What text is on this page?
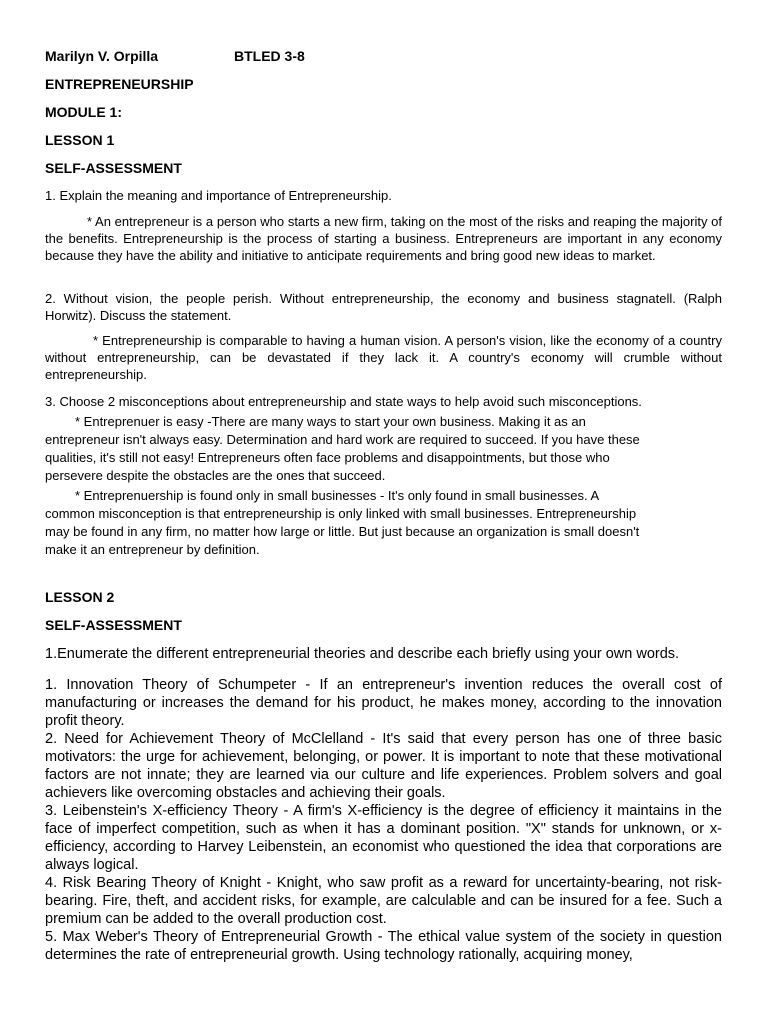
Marilyn V. Orpilla	BTLED 3-8
ENTREPRENEURSHIP
MODULE 1:
LESSON 1
SELF-ASSESSMENT
1. Explain the meaning and importance of Entrepreneurship.

* An entrepreneur is a person who starts a new firm, taking on the most of the risks and reaping the majority of the benefits. Entrepreneurship is the process of starting a business. Entrepreneurs are important in any economy because they have the ability and initiative to anticipate requirements and bring good new ideas to market.

2. Without vision, the people perish. Without entrepreneurship, the economy and business stagnatell. (Ralph Horwitz). Discuss the statement.

* Entrepreneurship is comparable to having a human vision. A person's vision, like the economy of a country without entrepreneurship, can be devastated if they lack it. A country's economy will crumble without entrepreneurship.

3. Choose 2 misconceptions about entrepreneurship and state ways to help avoid such misconceptions.
* Entreprenuer is easy -There are many ways to start your own business. Making it as an
entrepreneur isn't always easy. Determination and hard work are required to succeed. If you have these
qualities, it's still not easy! Entrepreneurs often face problems and disappointments, but those who
persevere despite the obstacles are the ones that succeed.
* Entreprenuership is found only in small businesses - It's only found in small businesses. A
common misconception is that entrepreneurship is only linked with small businesses. Entrepreneurship
may be found in any firm, no matter how large or little. But just because an organization is small doesn't
make it an entrepreneur by definition.
LESSON 2
SELF-ASSESSMENT
1.Enumerate the different entrepreneurial theories and describe each briefly using your own words.

1. Innovation Theory of Schumpeter - If an entrepreneur's invention reduces the overall cost of manufacturing or increases the demand for his product, he makes money, according to the innovation profit theory.

2. Need for Achievement Theory of McClelland - It's said that every person has one of three basic motivators: the urge for achievement, belonging, or power. It is important to note that these motivational factors are not innate; they are learned via our culture and life experiences. Problem solvers and goal achievers like overcoming obstacles and achieving their goals.

3. Leibenstein's X-efficiency Theory - A firm's X-efficiency is the degree of efficiency it maintains in the face of imperfect competition, such as when it has a dominant position. "X" stands for unknown, or x-efficiency, according to Harvey Leibenstein, an economist who questioned the idea that corporations are always logical.

4. Risk Bearing Theory of Knight - Knight, who saw profit as a reward for uncertainty-bearing, not risk-bearing. Fire, theft, and accident risks, for example, are calculable and can be insured for a fee. Such a premium can be added to the overall production cost.

5. Max Weber's Theory of Entrepreneurial Growth - The ethical value system of the society in question determines the rate of entrepreneurial growth. Using technology rationally, acquiring money,
